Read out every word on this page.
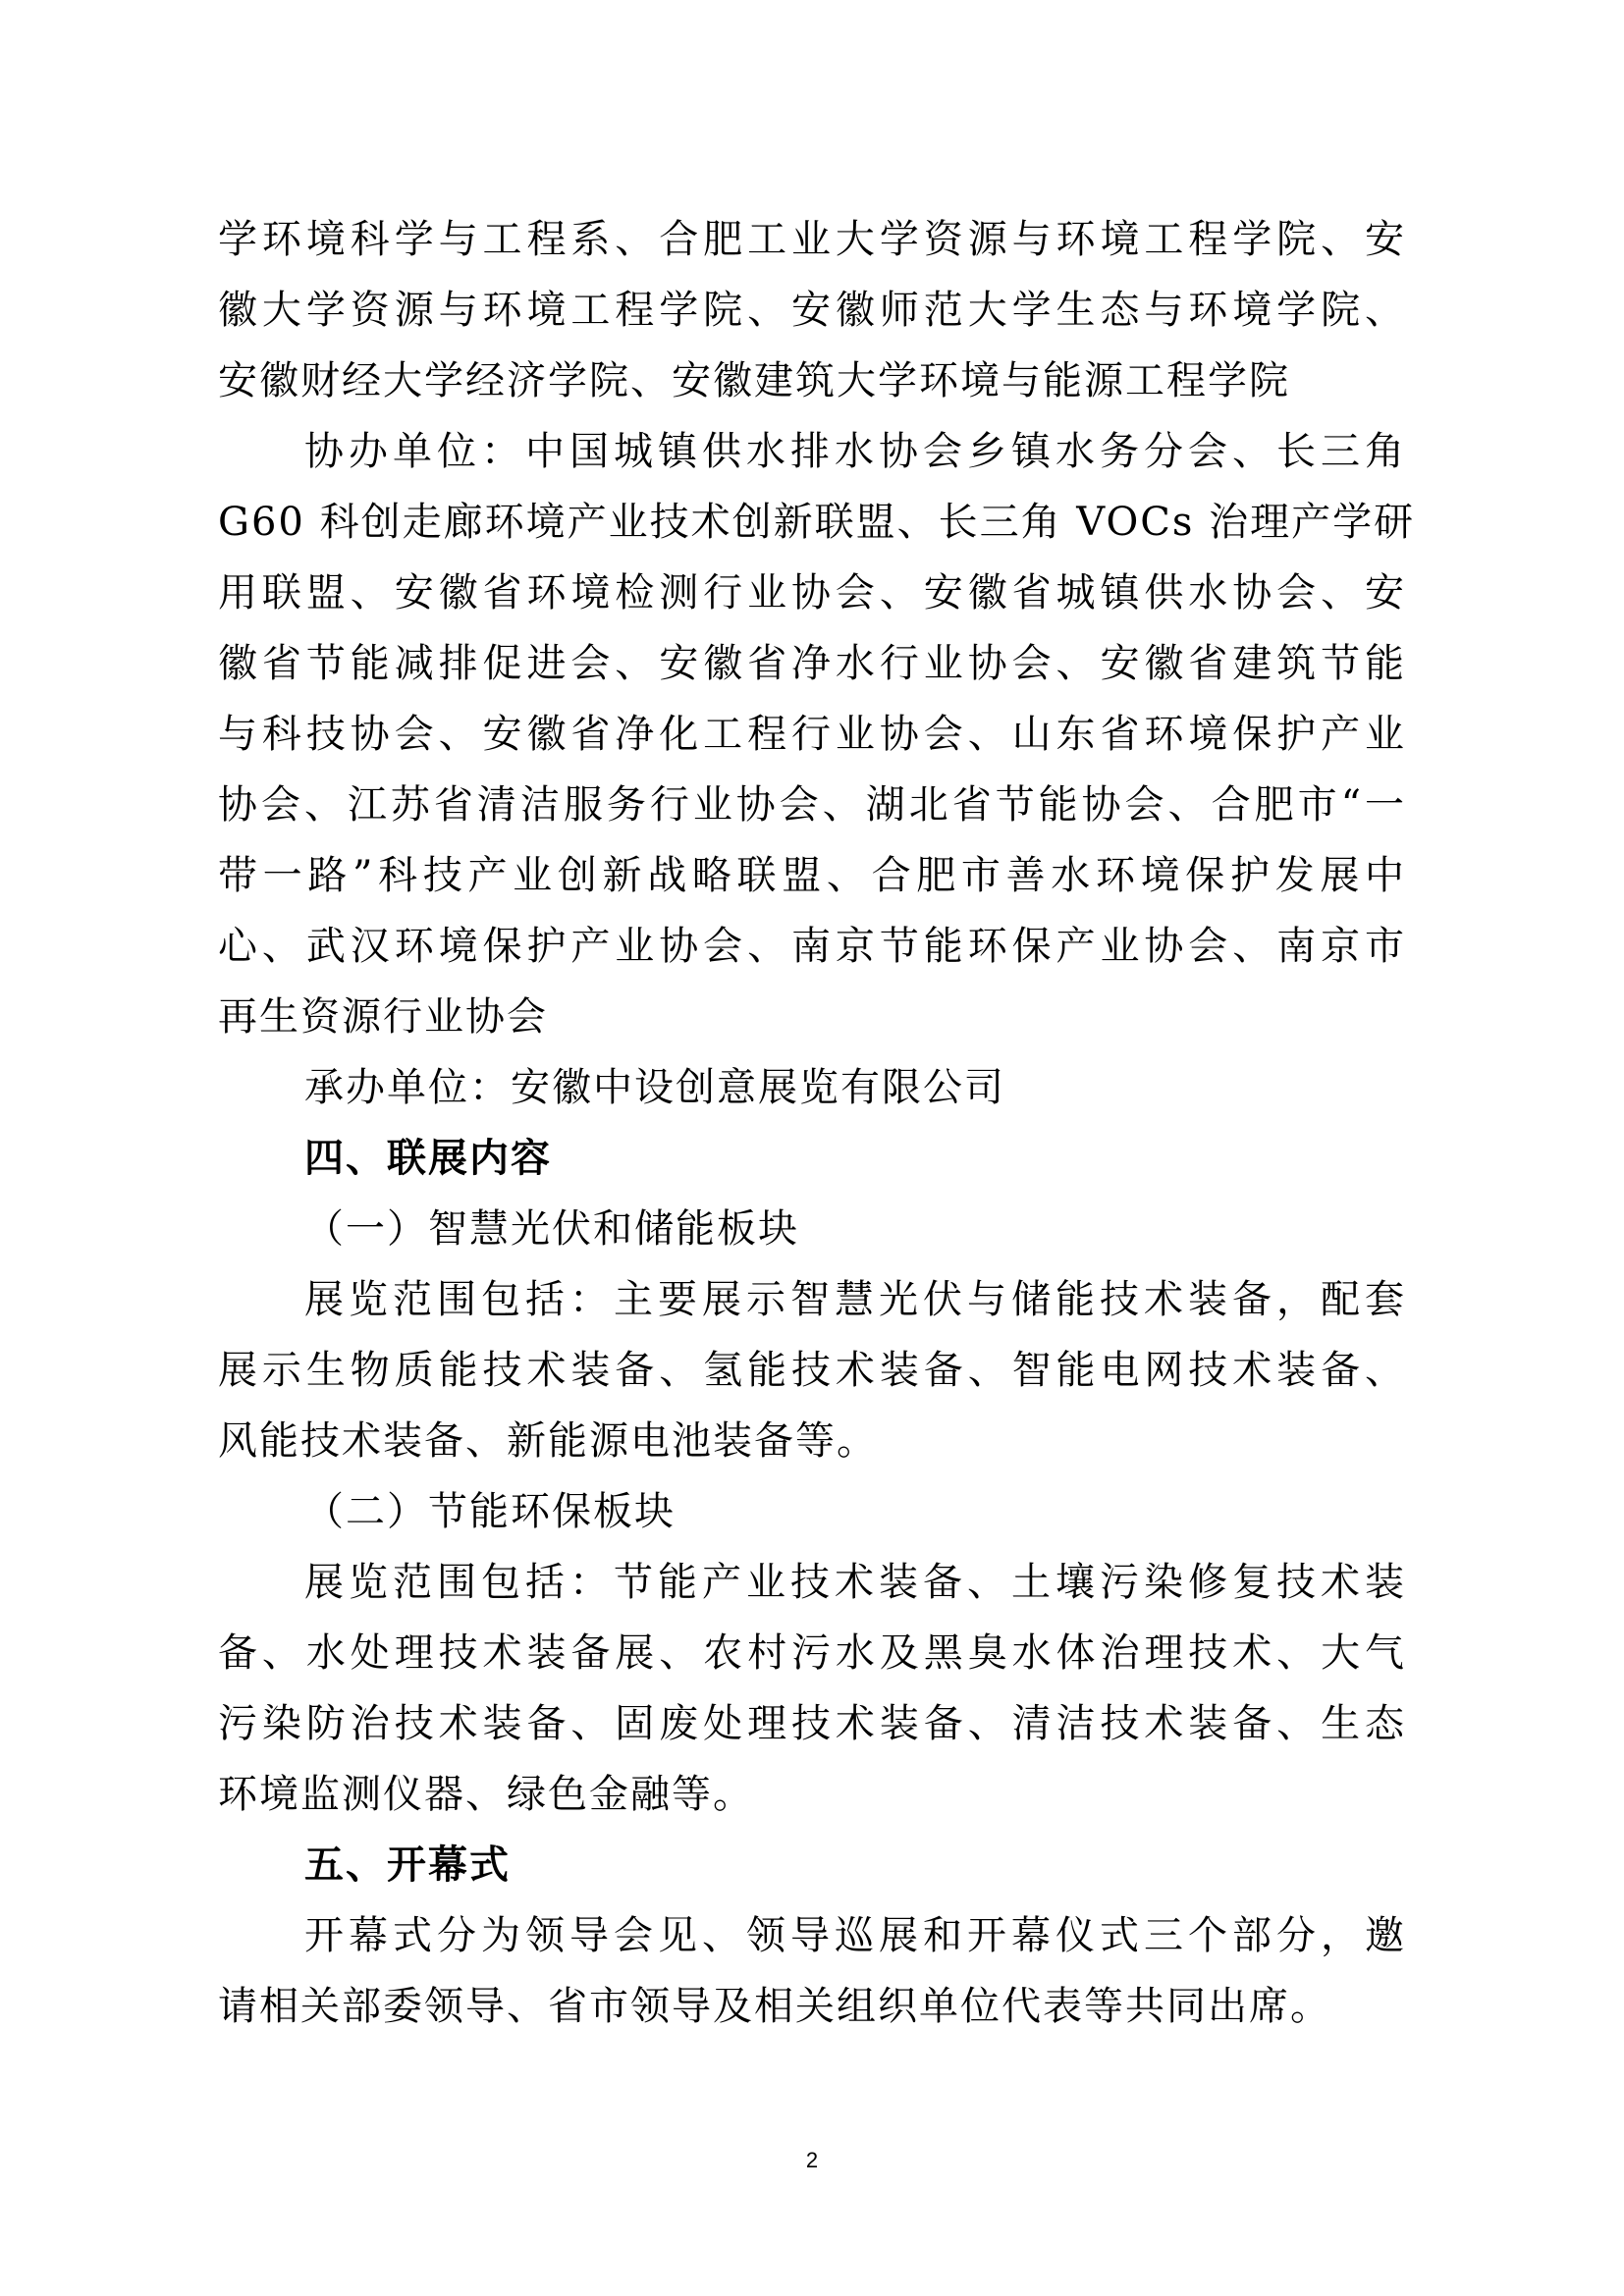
学环境科学与工程系、合肥工业大学资源与环境工程学院、安
徽大学资源与环境工程学院、安徽师范大学生态与环境学院、
安徽财经大学经济学院、安徽建筑大学环境与能源工程学院
协办单位：中国城镇供水排水协会乡镇水务分会、长三角
G60 科创走廊环境产业技术创新联盟、长三角 VOCs 治理产学研
用联盟、安徽省环境检测行业协会、安徽省城镇供水协会、安
徽省节能减排促进会、安徽省净水行业协会、安徽省建筑节能
与科技协会、安徽省净化工程行业协会、山东省环境保护产业
协会、江苏省清洁服务行业协会、湖北省节能协会、合肥市“一
带一路”科技产业创新战略联盟、合肥市善水环境保护发展中
心、武汉环境保护产业协会、南京节能环保产业协会、南京市
再生资源行业协会
承办单位：安徽中设创意展览有限公司
四、联展内容
（一）智慧光伏和储能板块
展览范围包括：主要展示智慧光伏与储能技术装备，配套
展示生物质能技术装备、氢能技术装备、智能电网技术装备、
风能技术装备、新能源电池装备等。
（二）节能环保板块
展览范围包括：节能产业技术装备、土壤污染修复技术装
备、水处理技术装备展、农村污水及黑臭水体治理技术、大气
污染防治技术装备、固废处理技术装备、清洁技术装备、生态
环境监测仪器、绿色金融等。
五、开幕式
开幕式分为领导会见、领导巡展和开幕仪式三个部分，邀
请相关部委领导、省市领导及相关组织单位代表等共同出席。
2
